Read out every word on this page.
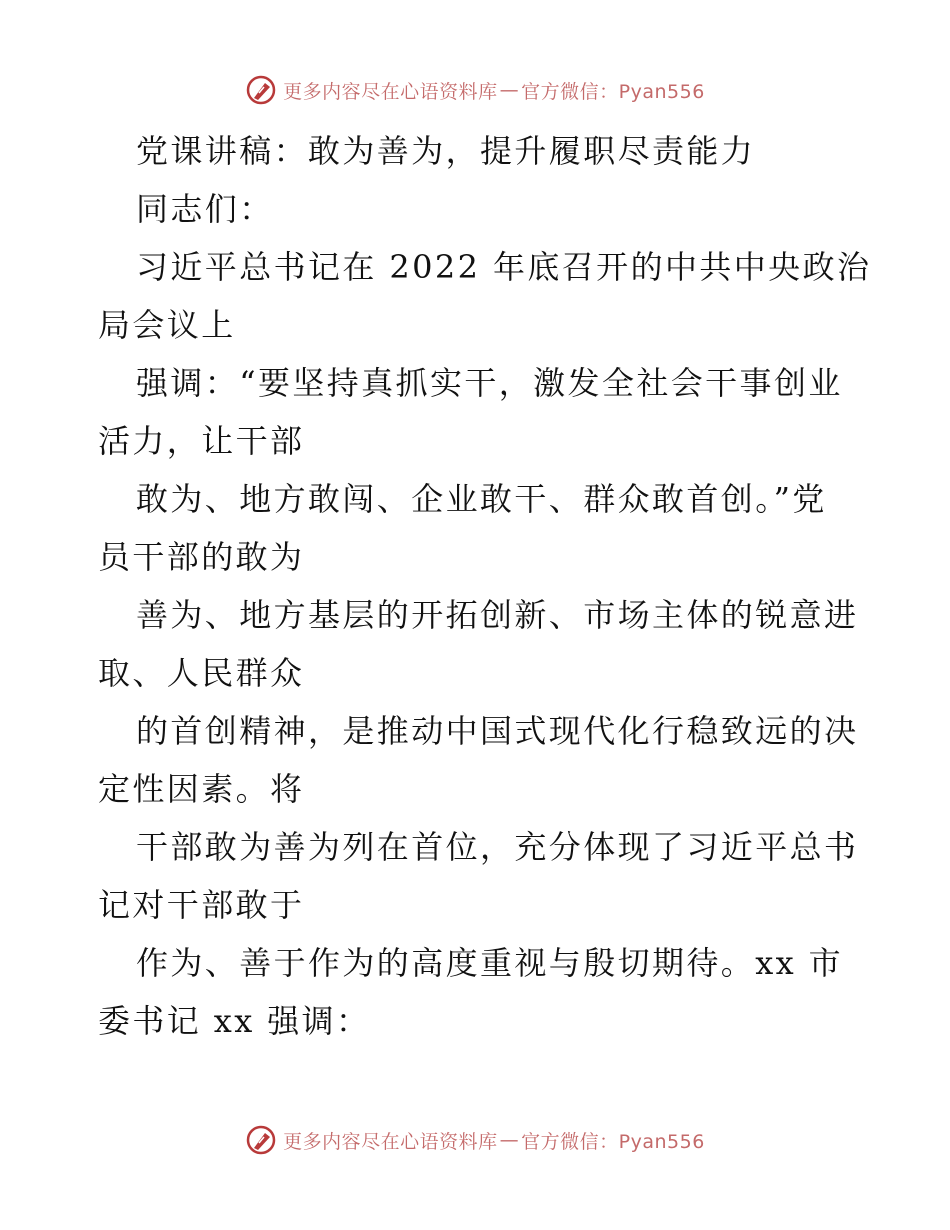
更多内容尽在心语资料库 — 官方微信：Pyan556
党课讲稿：敢为善为，提升履职尽责能力
同志们：
习近平总书记在 2022 年底召开的中共中央政治
局会议上
强调：“要坚持真抓实干，激发全社会干事创业
活力，让干部
敢为、地方敢闯、企业敢干、群众敢首创。”党
员干部的敢为
善为、地方基层的开拓创新、市场主体的锐意进
取、人民群众
的首创精神，是推动中国式现代化行稳致远的决
定性因素。将
干部敢为善为列在首位，充分体现了习近平总书
记对干部敢于
作为、善于作为的高度重视与殷切期待。xx 市
委书记 xx 强调：
更多内容尽在心语资料库 — 官方微信：Pyan556
